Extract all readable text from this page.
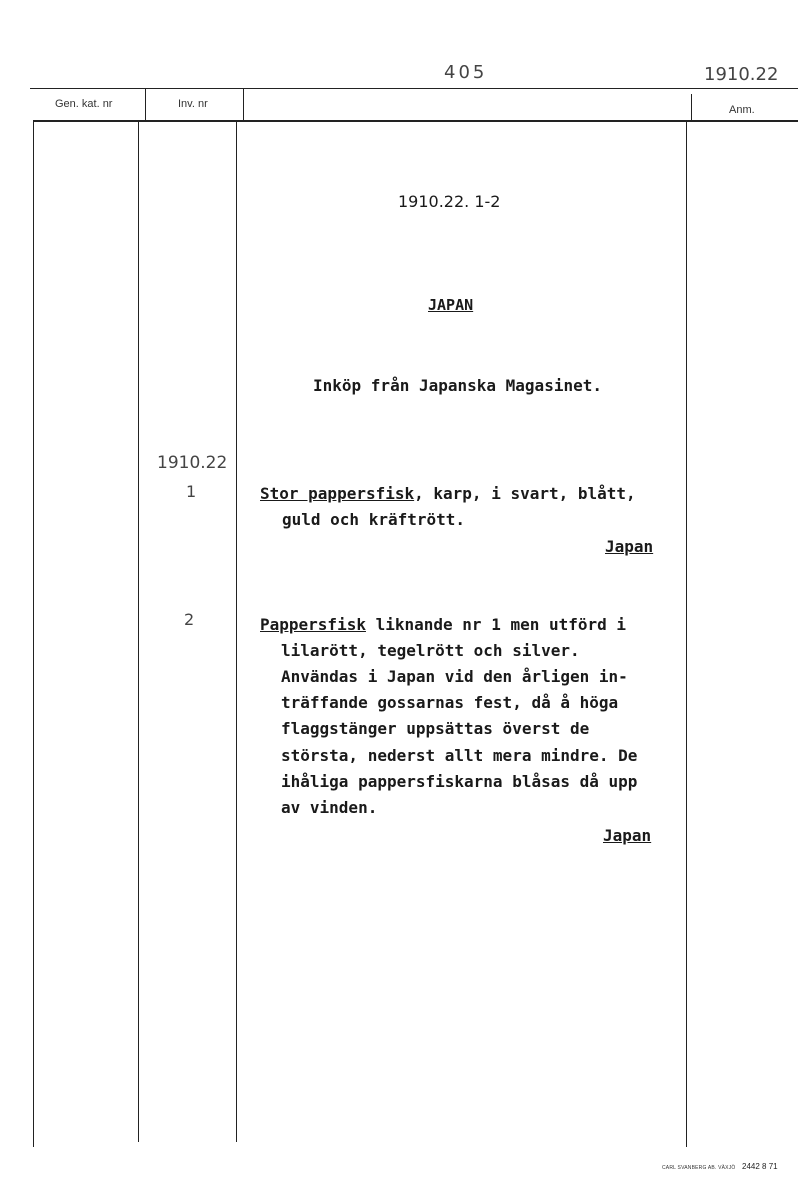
405	1910.22
Gen. kat. nr	Inv. nr	Anm.
1910.22. 1-2
JAPAN
Inköp från Japanska Magasinet.
1910.22
1	Stor pappersfisk, karp, i svart, blått,
guld och kräftrött.
Japan
2	Pappersfisk liknande nr 1 men utförd i
lilarött, tegelrött och silver.
Användas i Japan vid den årligen in-
träffande gossarnas fest, då å höga
flaggstänger uppsättas överst de
största, nederst allt mera mindre. De
ihåliga pappersfiskarna blåsas då upp
av vinden.
Japan
CARL SVANBERG AB. VÄXJÖ 2442 8 71
